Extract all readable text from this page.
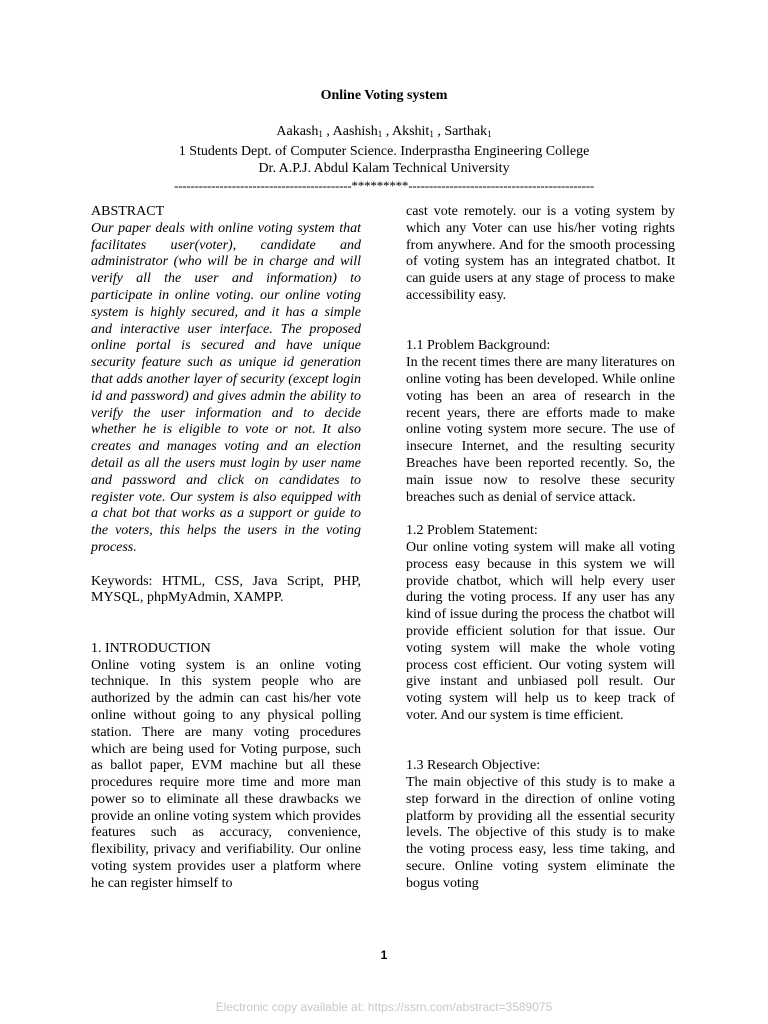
Online Voting system
Aakash$_1$ , Aashish$_1$ , Akshit$_1$ , Sarthak$_1$
1 Students Dept. of Computer Science. Inderprastha Engineering College
Dr. A.P.J. Abdul Kalam Technical University
-------------------------------------------*********---------------------------------------------

ABSTRACT

Our paper deals with online voting system that facilitates user(voter), candidate and administrator (who will be in charge and will verify all the user and information) to participate in online voting. our online voting system is highly secured, and it has a simple and interactive user interface. The proposed online portal is secured and have unique security feature such as unique id generation that adds another layer of security (except login id and password) and gives admin the ability to verify the user information and to decide whether he is eligible to vote or not. It also creates and manages voting and an election detail as all the users must login by user name and password and click on candidates to register vote. Our system is also equipped with a chat bot that works as a support or guide to the voters, this helps the users in the voting process.

Keywords: HTML, CSS, Java Script, PHP, MYSQL, phpMyAdmin, XAMPP.

1. INTRODUCTION

Online voting system is an online voting technique. In this system people who are authorized by the admin can cast his/her vote online without going to any physical polling station. There are many voting procedures which are being used for Voting purpose, such as ballot paper, EVM machine but all these procedures require more time and more man power so to eliminate all these drawbacks we provide an online voting system which provides features such as accuracy, convenience, flexibility, privacy and verifiability. Our online voting system provides user a platform where he can register himself to

cast vote remotely. our is a voting system by which any Voter can use his/her voting rights from anywhere. And for the smooth processing of voting system has an integrated chatbot. It can guide users at any stage of process to make accessibility easy.

1.1 Problem Background:

In the recent times there are many literatures on online voting has been developed. While online voting has been an area of research in the recent years, there are efforts made to make online voting system more secure. The use of insecure Internet, and the resulting security Breaches have been reported recently. So, the main issue now to resolve these security breaches such as denial of service attack.

1.2 Problem Statement:

Our online voting system will make all voting process easy because in this system we will provide chatbot, which will help every user during the voting process. If any user has any kind of issue during the process the chatbot will provide efficient solution for that issue. Our voting system will make the whole voting process cost efficient. Our voting system will give instant and unbiased poll result. Our voting system will help us to keep track of voter. And our system is time efficient.

1.3 Research Objective:

The main objective of this study is to make a step forward in the direction of online voting platform by providing all the essential security levels. The objective of this study is to make the voting process easy, less time taking, and secure. Online voting system eliminate the bogus voting

1
Electronic copy available at: https://ssrn.com/abstract=3589075
